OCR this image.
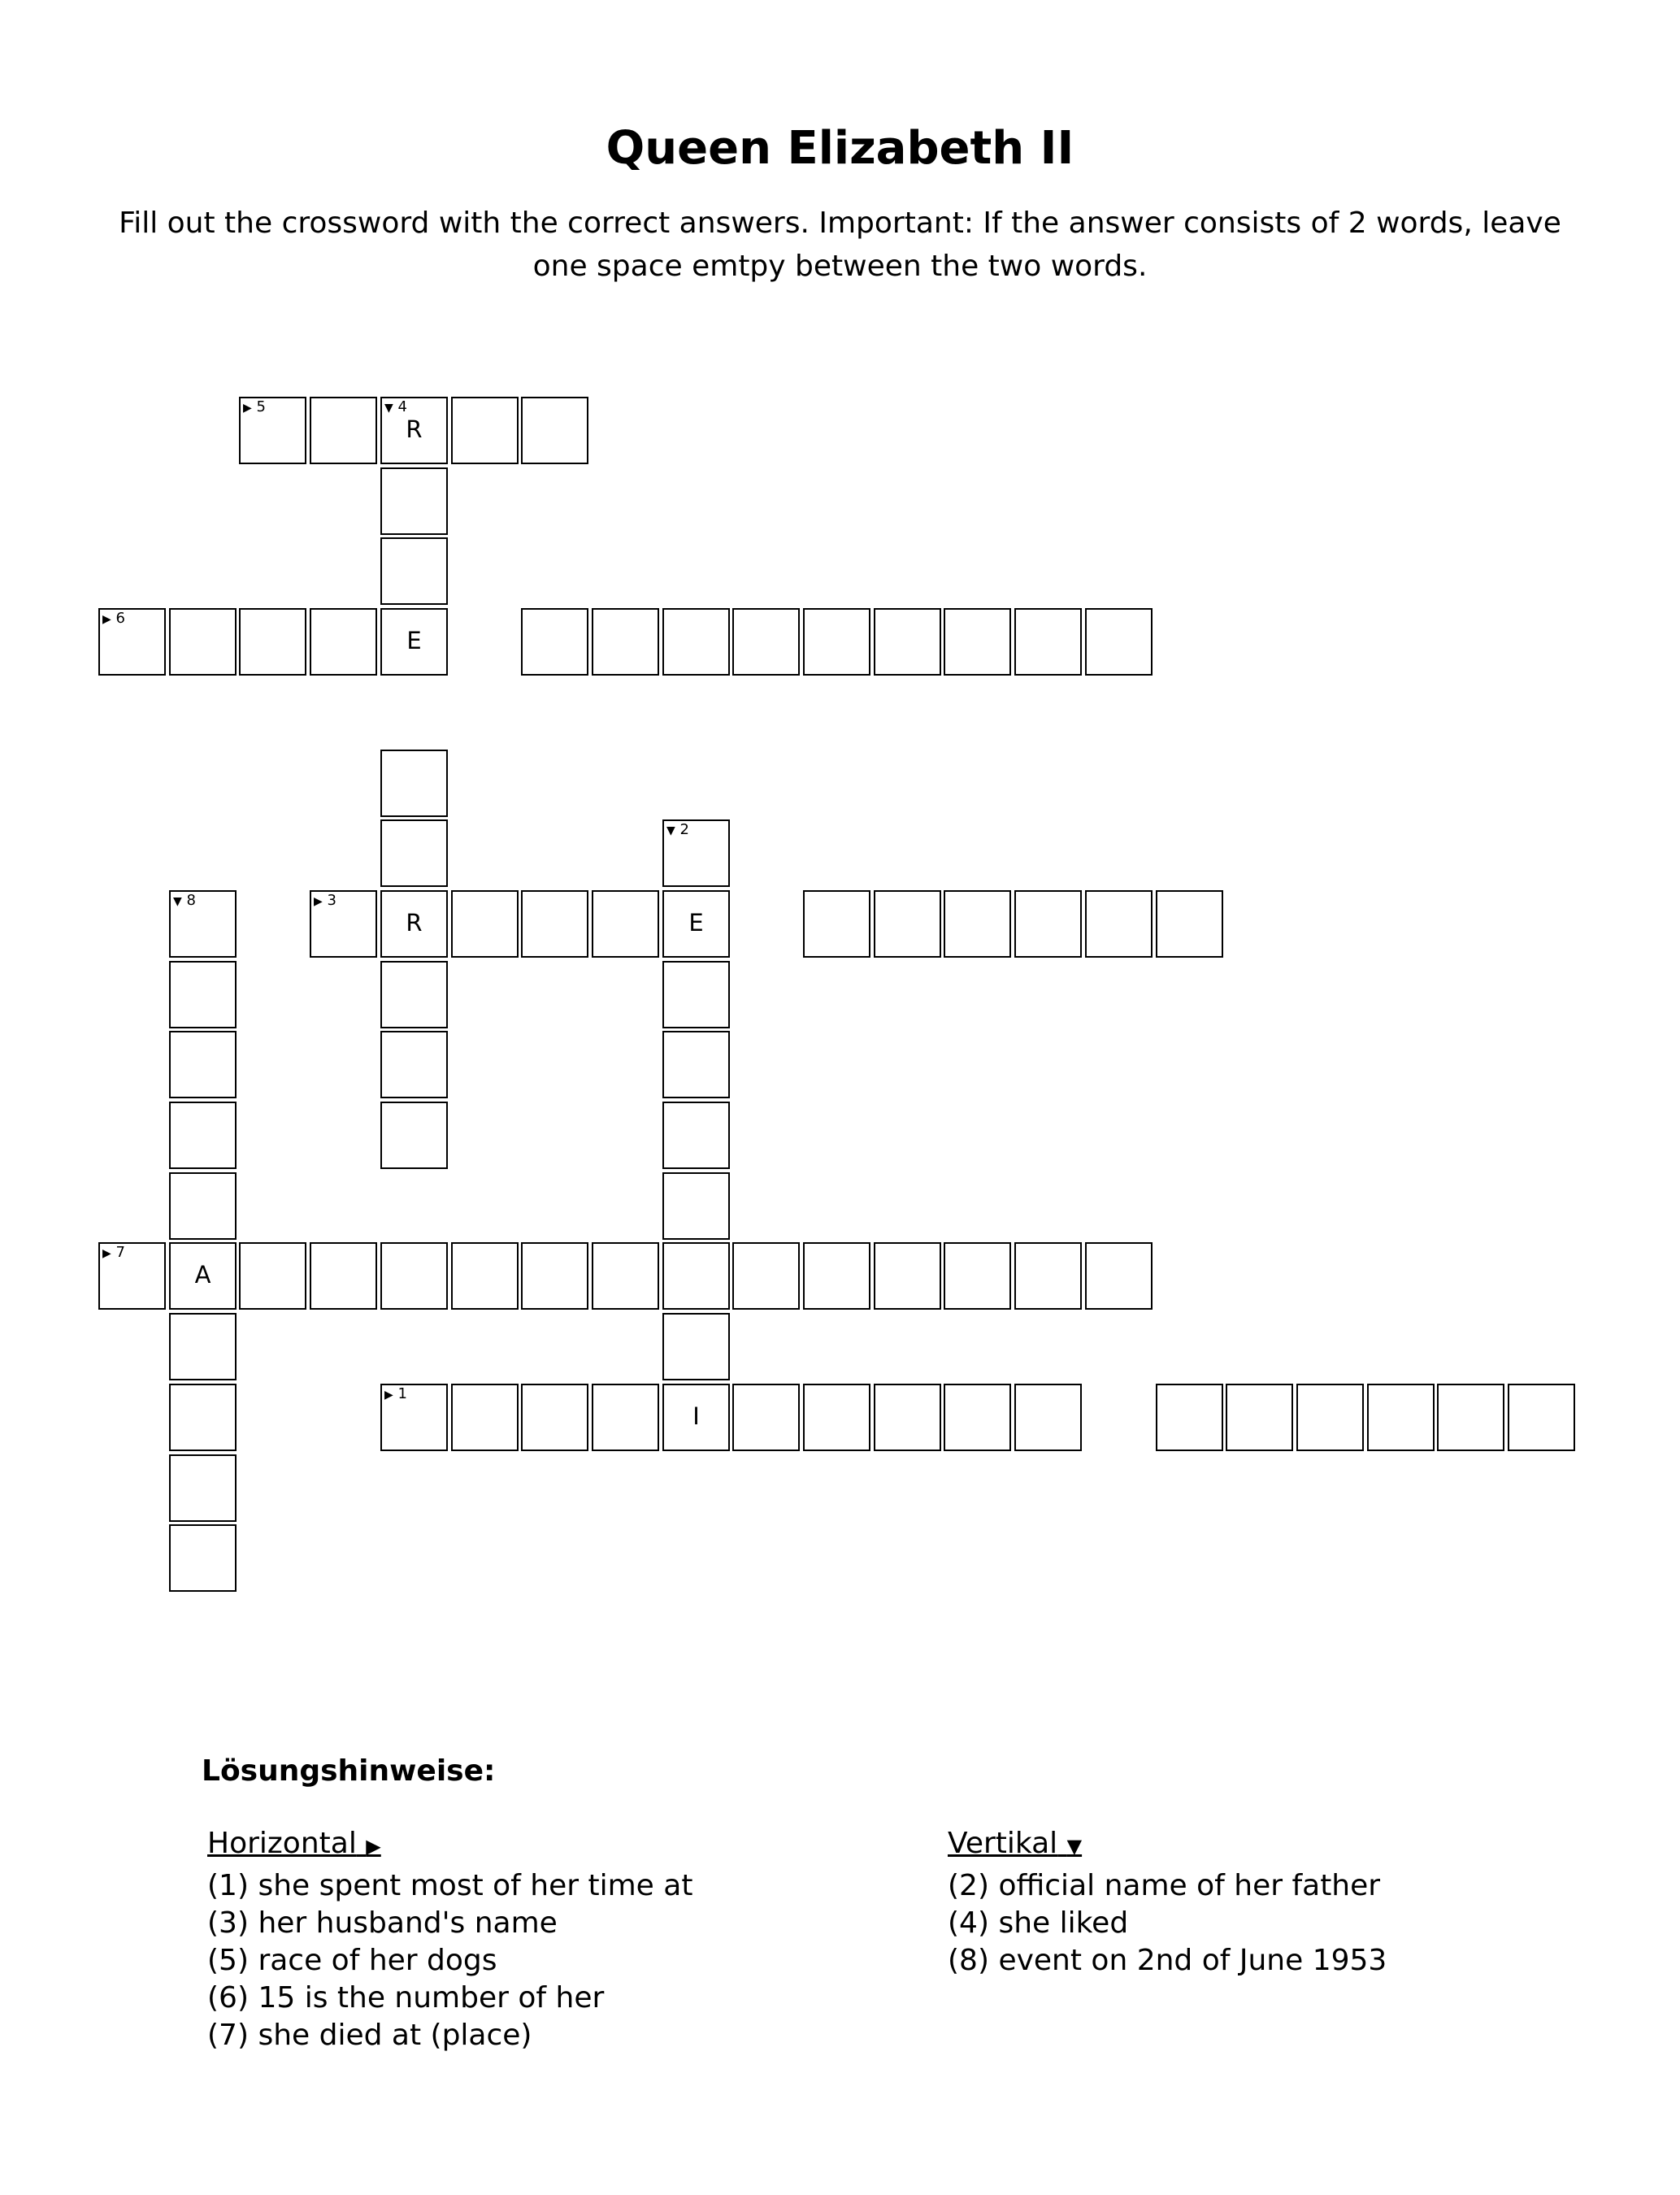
Queen Elizabeth II

Fill out the crossword with the correct answers. Important: If the answer consists of 2 words, leave one space emtpy between the two words.

▶ 5	▼ 4
R
▶ 6
E
▼ 2
▼ 8	▶ 3
R	E
▶ 7
A
▶ 1
I
Lösungshinweise:
Horizontal ▶
(1) she spent most of her time at
(3) her husband's name
(5) race of her dogs
(6) 15 is the number of her
(7) she died at (place)
Vertikal ▼
(2) official name of her father
(4) she liked
(8) event on 2nd of June 1953
